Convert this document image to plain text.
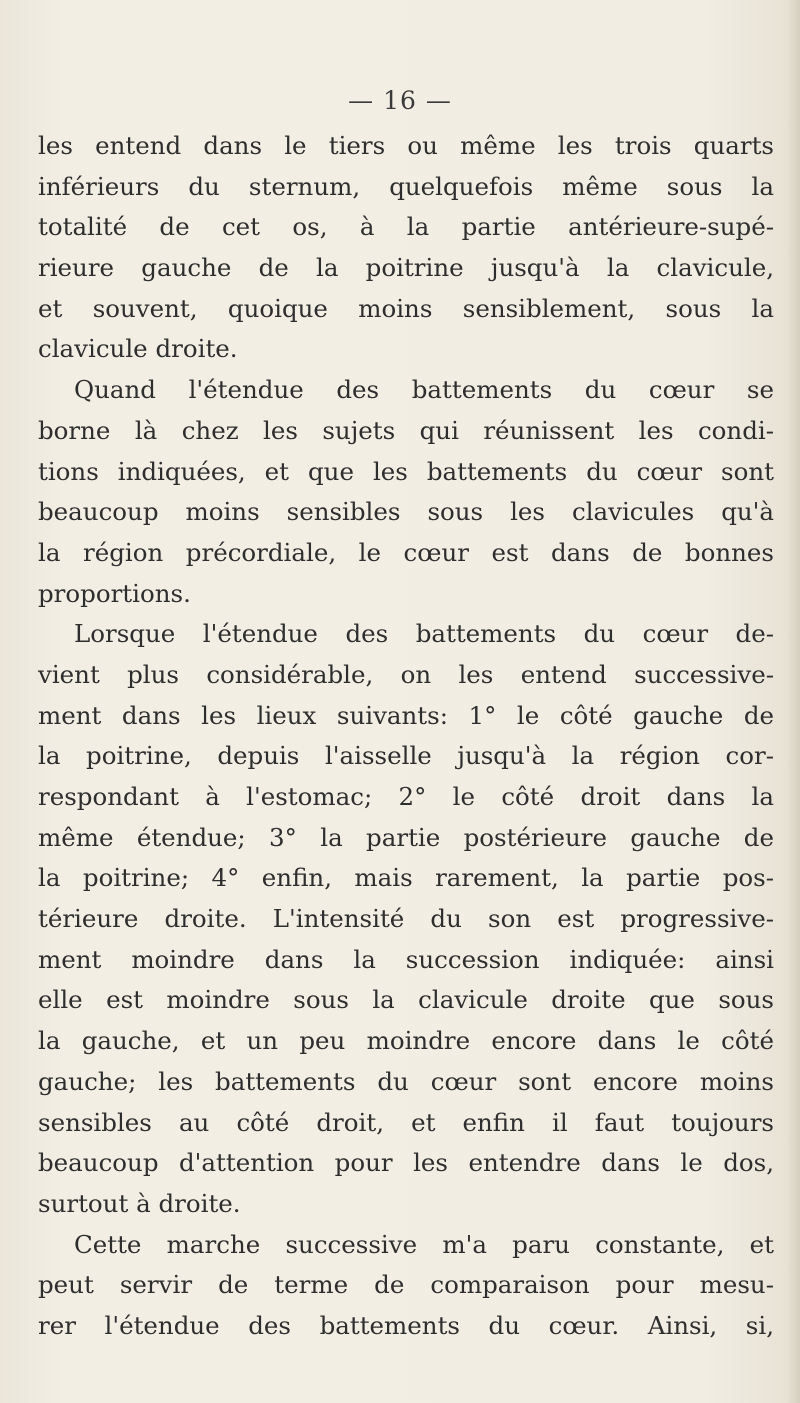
— 16 —

les entend dans le tiers ou même les trois quarts
inférieurs du sternum, quelquefois même sous la
totalité de cet os, à la partie antérieure-supé-
rieure gauche de la poitrine jusqu'à la clavicule,
et souvent, quoique moins sensiblement, sous la
clavicule droite.
Quand l'étendue des battements du cœur se
borne là chez les sujets qui réunissent les condi-
tions indiquées, et que les battements du cœur sont
beaucoup moins sensibles sous les clavicules qu'à
la région précordiale, le cœur est dans de bonnes
proportions.
Lorsque l'étendue des battements du cœur de-
vient plus considérable, on les entend successive-
ment dans les lieux suivants: 1° le côté gauche de
la poitrine, depuis l'aisselle jusqu'à la région cor-
respondant à l'estomac; 2° le côté droit dans la
même étendue; 3° la partie postérieure gauche de
la poitrine; 4° enfin, mais rarement, la partie pos-
térieure droite. L'intensité du son est progressive-
ment moindre dans la succession indiquée: ainsi
elle est moindre sous la clavicule droite que sous
la gauche, et un peu moindre encore dans le côté
gauche; les battements du cœur sont encore moins
sensibles au côté droit, et enfin il faut toujours
beaucoup d'attention pour les entendre dans le dos,
surtout à droite.
Cette marche successive m'a paru constante, et
peut servir de terme de comparaison pour mesu-
rer l'étendue des battements du cœur. Ainsi, si,
